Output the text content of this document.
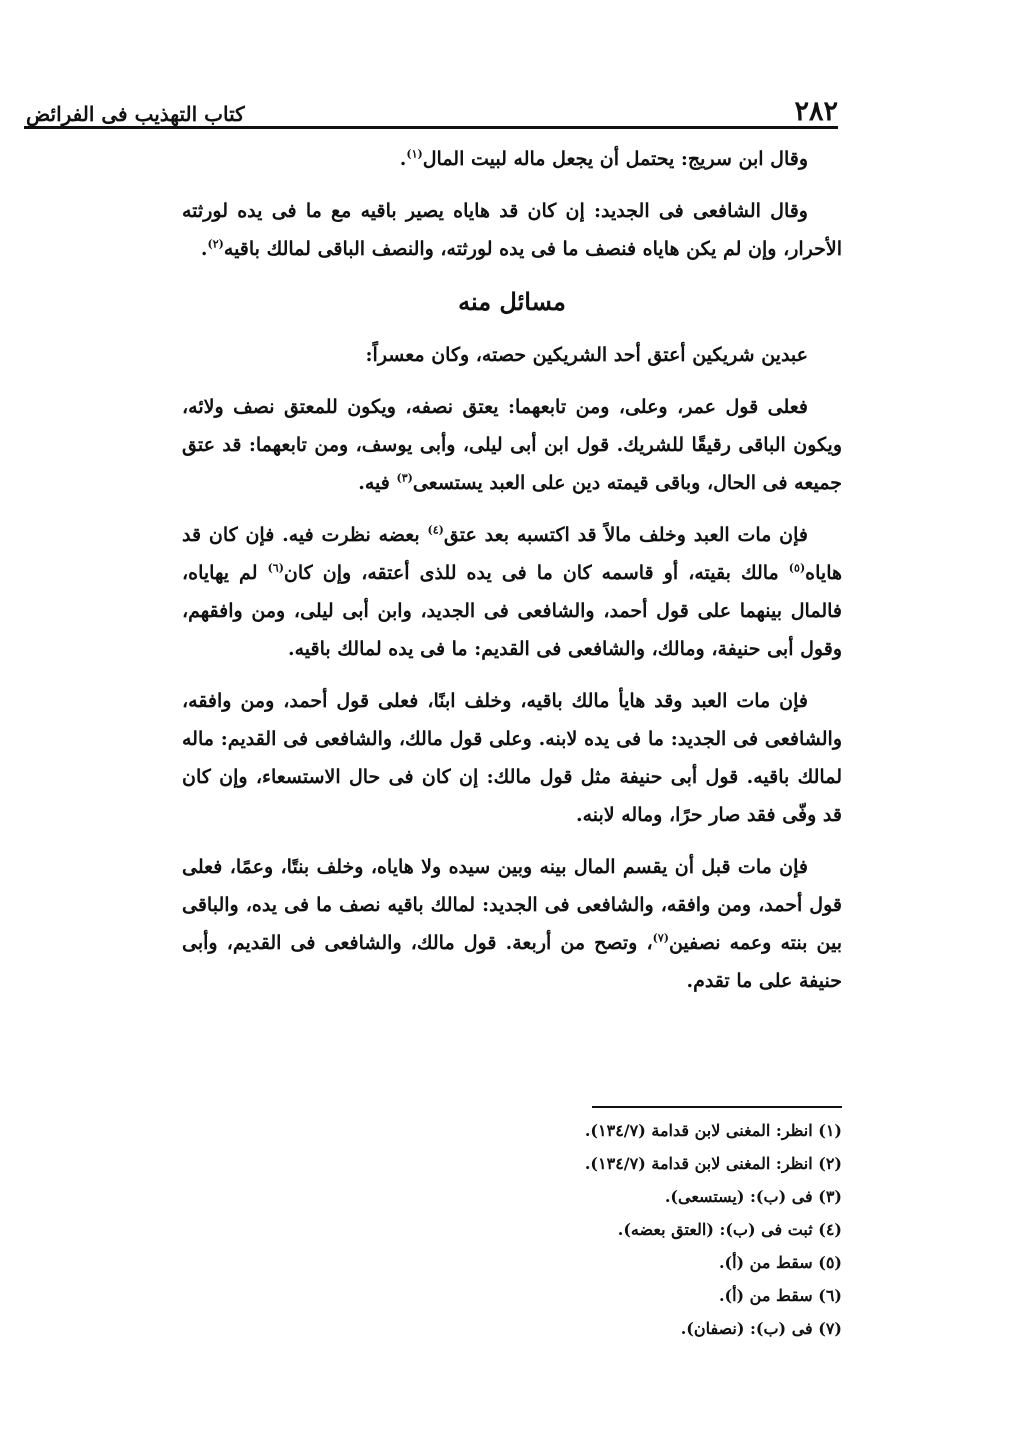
٢٨٢
كتاب التهذيب فى الفرائض

وقال ابن سريج: يحتمل أن يجعل ماله لبيت المال$^{(١)}$.

وقال الشافعى فى الجديد: إن كان قد هاياه يصير باقيه مع ما فى يده لورثته الأحرار، وإن لم يكن هاياه فنصف ما فى يده لورثته، والنصف الباقى لمالك باقيه$^{(٢)}$.

مسائل منه

عبدين شريكين أعتق أحد الشريكين حصته، وكان معسراً:

فعلى قول عمر، وعلى، ومن تابعهما: يعتق نصفه، ويكون للمعتق نصف ولائه، ويكون الباقى رقيقًا للشريك. قول ابن أبى ليلى، وأبى يوسف، ومن تابعهما: قد عتق جميعه فى الحال، وباقى قيمته دين على العبد يستسعى$^{(٣)}$ فيه.

فإن مات العبد وخلف مالاً قد اكتسبه بعد عتق$^{(٤)}$ بعضه نظرت فيه. فإن كان قد هاياه$^{(٥)}$ مالك بقيته، أو قاسمه كان ما فى يده للذى أعتقه، وإن كان$^{(٦)}$ لم يهاياه، فالمال بينهما على قول أحمد، والشافعى فى الجديد، وابن أبى ليلى، ومن وافقهم، وقول أبى حنيفة، ومالك، والشافعى فى القديم: ما فى يده لمالك باقيه.

فإن مات العبد وقد هايأ مالك باقيه، وخلف ابنًا، فعلى قول أحمد، ومن وافقه، والشافعى فى الجديد: ما فى يده لابنه. وعلى قول مالك، والشافعى فى القديم: ماله لمالك باقيه. قول أبى حنيفة مثل قول مالك: إن كان فى حال الاستسعاء، وإن كان قد وفّى فقد صار حرًا، وماله لابنه.

فإن مات قبل أن يقسم المال بينه وبين سيده ولا هاياه، وخلف بنتًا، وعمًا، فعلى قول أحمد، ومن وافقه، والشافعى فى الجديد: لمالك باقيه نصف ما فى يده، والباقى بين بنته وعمه نصفين$^{(٧)}$، وتصح من أربعة. قول مالك، والشافعى فى القديم، وأبى حنيفة على ما تقدم.

(١) انظر: المغنى لابن قدامة (١٣٤/٧).
(٢) انظر: المغنى لابن قدامة (١٣٤/٧).
(٣) فى (ب): (يستسعى).
(٤) ثبت فى (ب): (العتق بعضه).
(٥) سقط من (أ).
(٦) سقط من (أ).
(٧) فى (ب): (نصفان).
